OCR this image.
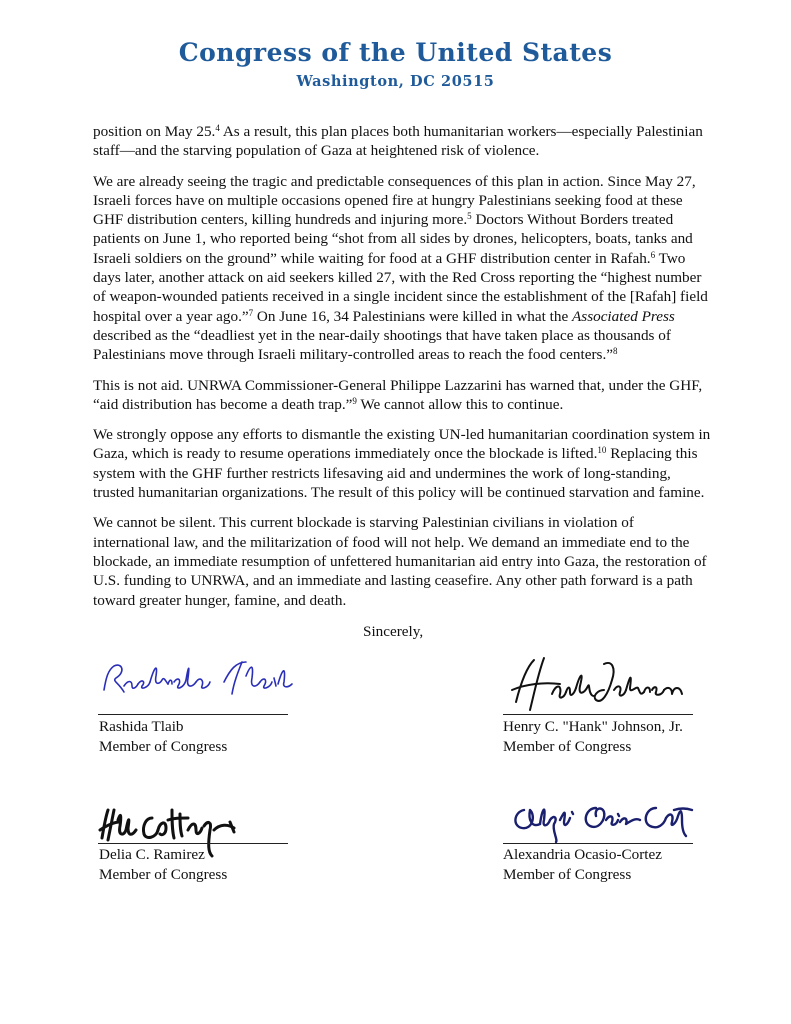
Congress of the United States
Washington, DC 20515

position on May 25.$^4$ As a result, this plan places both humanitarian workers—especially Palestinian staff—and the starving population of Gaza at heightened risk of violence.

We are already seeing the tragic and predictable consequences of this plan in action. Since May 27, Israeli forces have on multiple occasions opened fire at hungry Palestinians seeking food at these GHF distribution centers, killing hundreds and injuring more.$^5$ Doctors Without Borders treated patients on June 1, who reported being “shot from all sides by drones, helicopters, boats, tanks and Israeli soldiers on the ground” while waiting for food at a GHF distribution center in Rafah.$^6$ Two days later, another attack on aid seekers killed 27, with the Red Cross reporting the “highest number of weapon-wounded patients received in a single incident since the establishment of the [Rafah] field hospital over a year ago.”$^7$ On June 16, 34 Palestinians were killed in what the Associated Press described as the “deadliest yet in the near-daily shootings that have taken place as thousands of Palestinians move through Israeli military-controlled areas to reach the food centers.”$^8$

This is not aid. UNRWA Commissioner-General Philippe Lazzarini has warned that, under the GHF, “aid distribution has become a death trap.”$^9$ We cannot allow this to continue.

We strongly oppose any efforts to dismantle the existing UN-led humanitarian coordination system in Gaza, which is ready to resume operations immediately once the blockade is lifted.$^{10}$ Replacing this system with the GHF further restricts lifesaving aid and undermines the work of long-standing, trusted humanitarian organizations. The result of this policy will be continued starvation and famine.

We cannot be silent. This current blockade is starving Palestinian civilians in violation of international law, and the militarization of food will not help. We demand an immediate end to the blockade, an immediate resumption of unfettered humanitarian aid entry into Gaza, the restoration of U.S. funding to UNRWA, and an immediate and lasting ceasefire. Any other path forward is a path toward greater hunger, famine, and death.

Sincerely,
Rashida Tlaib
Member of Congress
Henry C. "Hank" Johnson, Jr.
Member of Congress
Delia C. Ramirez
Member of Congress
Alexandria Ocasio-Cortez
Member of Congress
